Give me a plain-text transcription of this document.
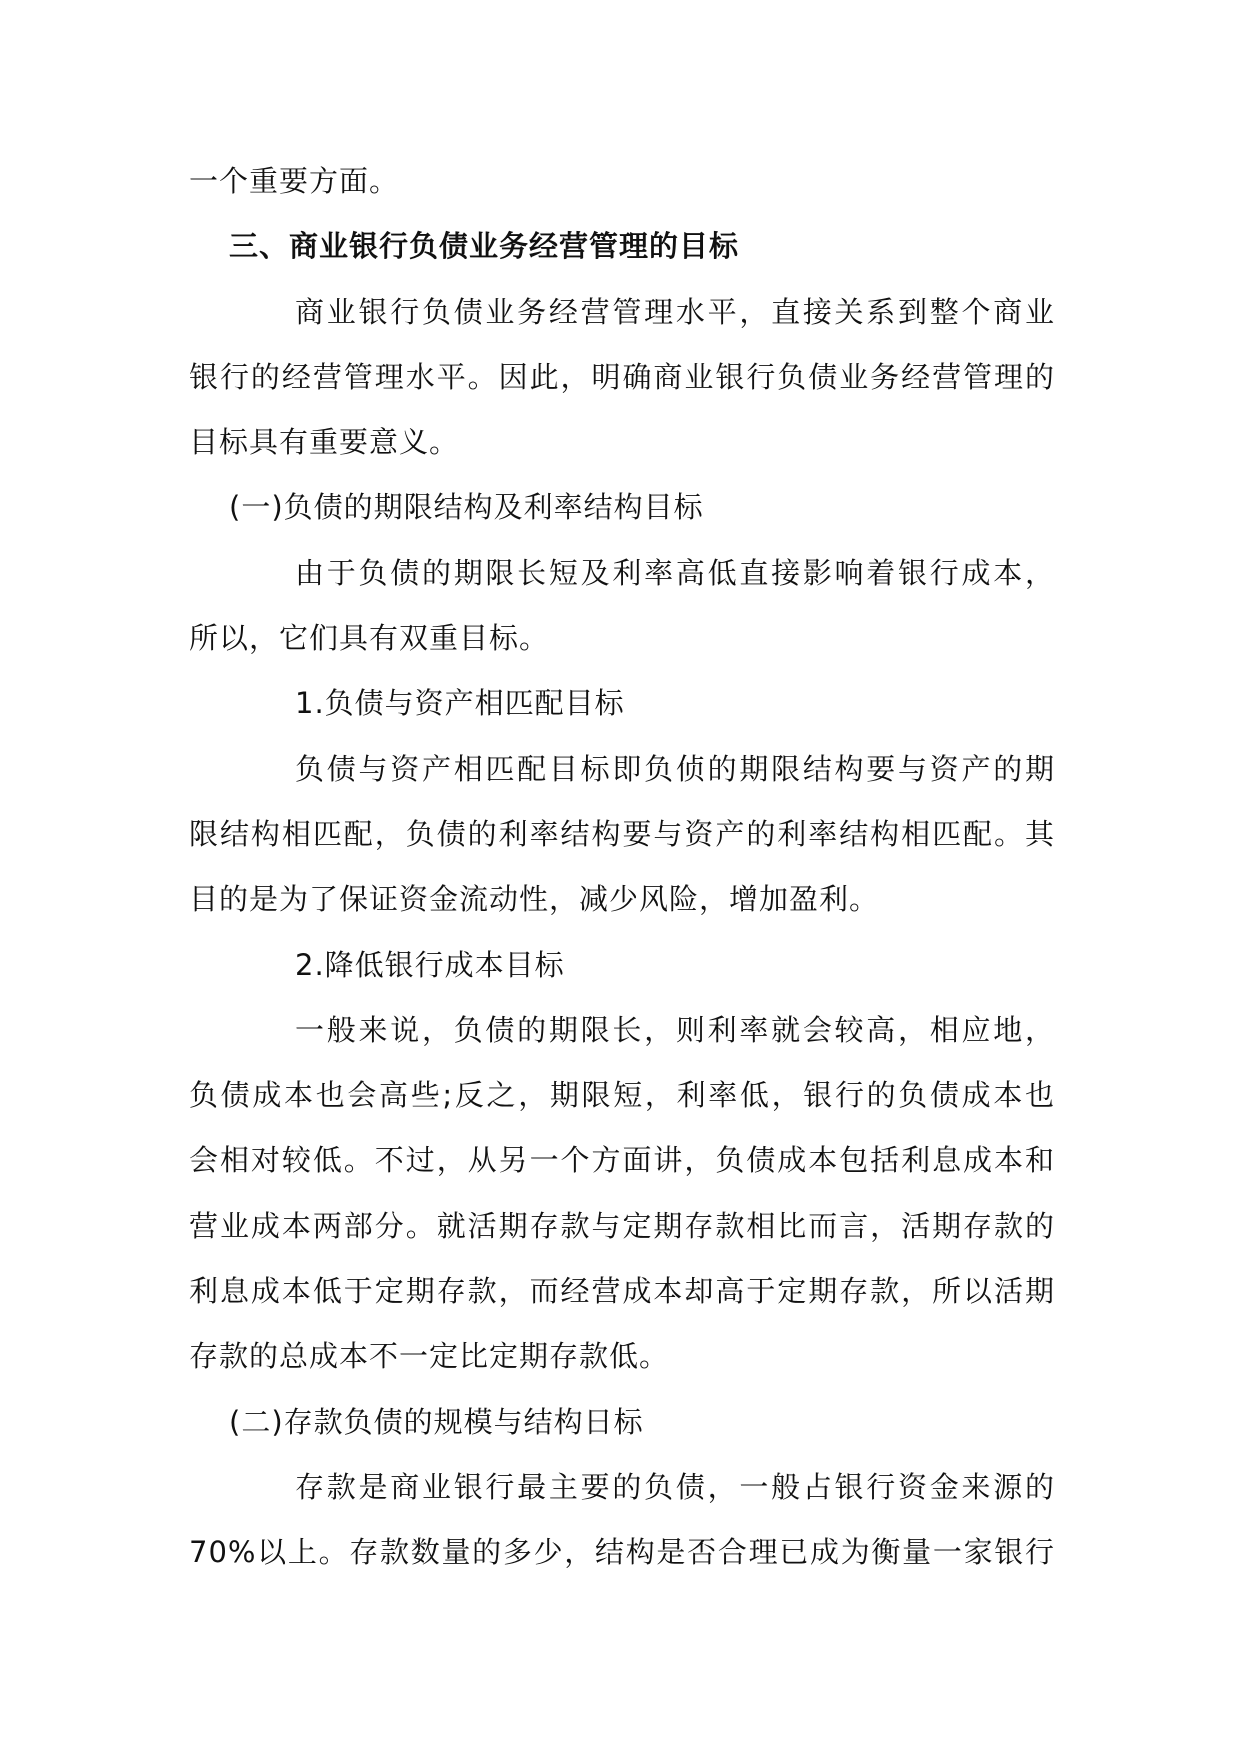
一个重要方面。

三、商业银行负债业务经营管理的目标

商业银行负债业务经营管理水平，直接关系到整个商业

银行的经营管理水平。因此，明确商业银行负债业务经营管理的

目标具有重要意义。

(一)负债的期限结构及利率结构目标

由于负债的期限长短及利率高低直接影响着银行成本，

所以，它们具有双重目标。

1.负债与资产相匹配目标

负债与资产相匹配目标即负侦的期限结构要与资产的期

限结构相匹配，负债的利率结构要与资产的利率结构相匹配。其

目的是为了保证资金流动性，减少风险，增加盈利。

2.降低银行成本目标

一般来说，负债的期限长，则利率就会较高，相应地，

负债成本也会高些;反之，期限短，利率低，银行的负债成本也

会相对较低。不过，从另一个方面讲，负债成本包括利息成本和

营业成本两部分。就活期存款与定期存款相比而言，活期存款的

利息成本低于定期存款，而经营成本却高于定期存款，所以活期

存款的总成本不一定比定期存款低。

(二)存款负债的规模与结构日标

存款是商业银行最主要的负债，一般占银行资金来源的

70%以上。存款数量的多少，结构是否合理已成为衡量一家银行
